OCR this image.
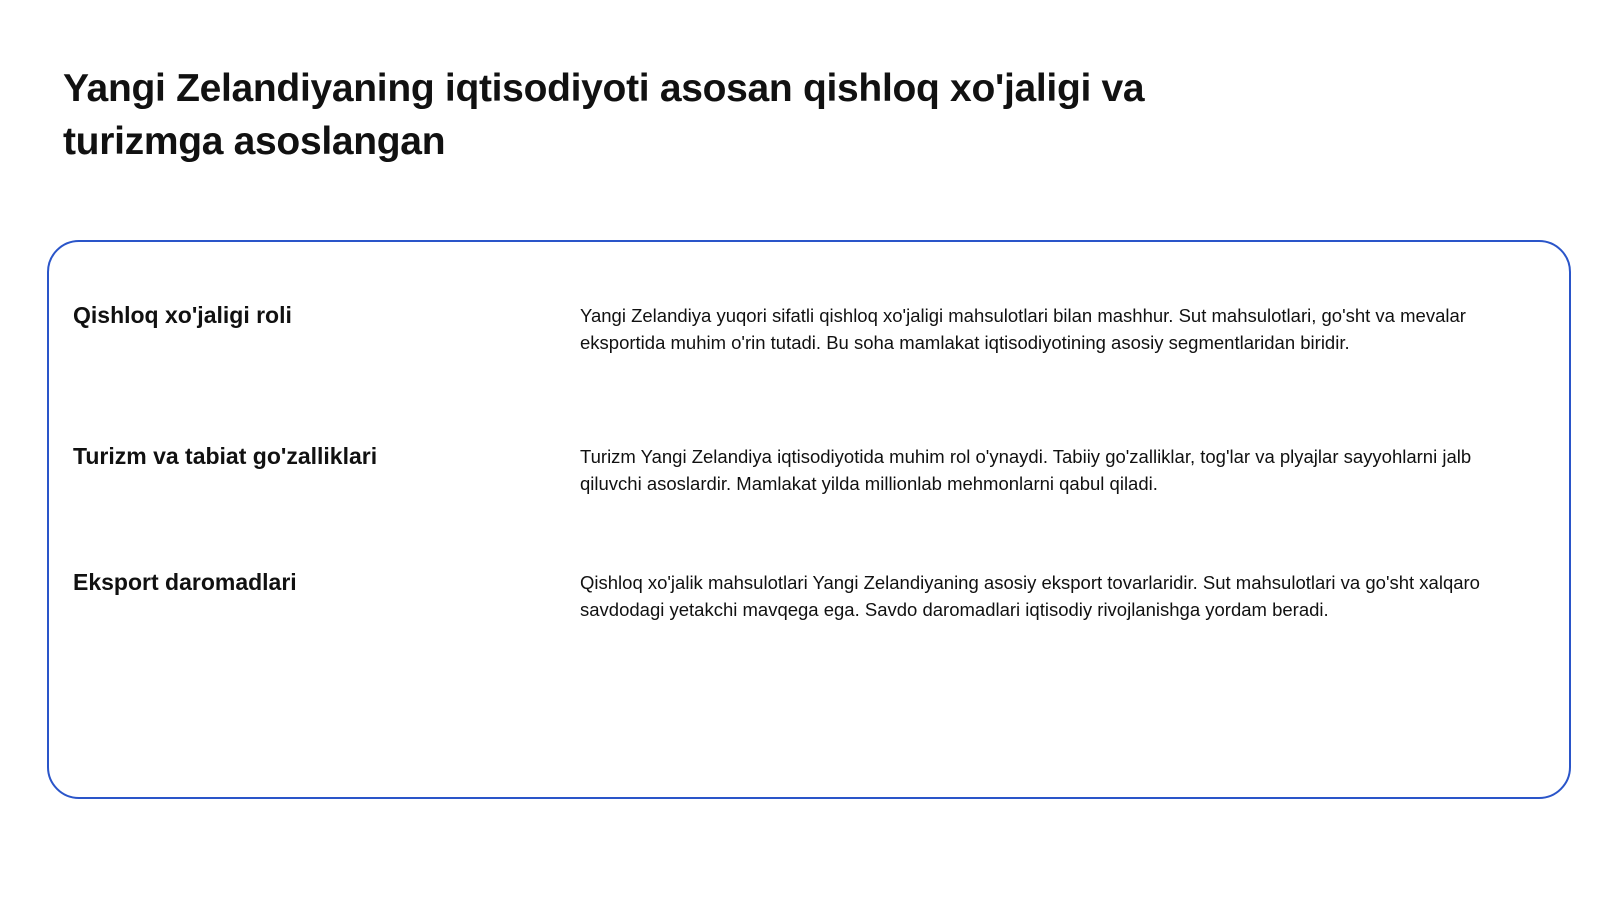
Yangi Zelandiyaning iqtisodiyoti asosan qishloq xo'jaligi va turizmga asoslangan
Qishloq xo'jaligi roli	Yangi Zelandiya yuqori sifatli qishloq xo'jaligi mahsulotlari bilan mashhur. Sut mahsulotlari, go'sht va mevalar eksportida muhim o'rin tutadi. Bu soha mamlakat iqtisodiyotining asosiy segmentlaridan biridir.

Turizm va tabiat go'zalliklari	Turizm Yangi Zelandiya iqtisodiyotida muhim rol o'ynaydi. Tabiiy go'zalliklar, tog'lar va plyajlar sayyohlarni jalb qiluvchi asoslardir. Mamlakat yilda millionlab mehmonlarni qabul qiladi.

Eksport daromadlari	Qishloq xo'jalik mahsulotlari Yangi Zelandiyaning asosiy eksport tovarlaridir. Sut mahsulotlari va go'sht xalqaro savdodagi yetakchi mavqega ega. Savdo daromadlari iqtisodiy rivojlanishga yordam beradi.
